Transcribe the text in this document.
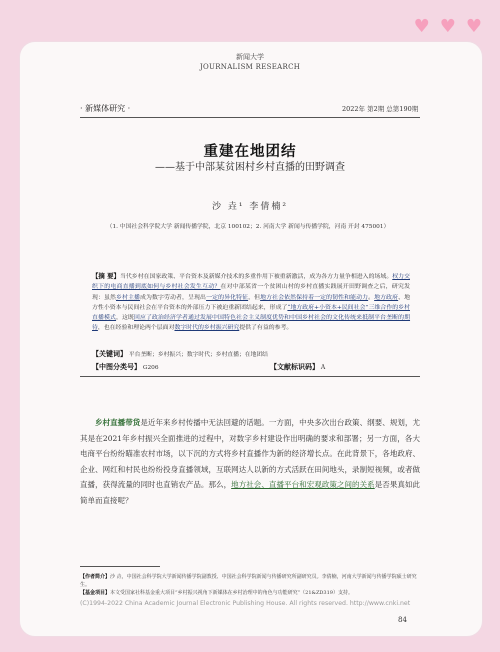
♥ ♥ ♥
新闻大学
JOURNALISM RESEARCH
· 新媒体研究 ·	2022年 第2期 总第190期
重建在地团结
——基于中部某贫困村乡村直播的田野调查
沙 垚¹ 李倩楠²
（1. 中国社会科学院大学 新闻传播学院，北京 100102；2. 河南大学 新闻与传播学院，河南 开封 475001）
【摘 要】当代乡村在国家政策、平台资本及新媒介技术的多重作用下被重新激活，成为各方力量争相进入的场域。权力交织下的电商直播到底如何与乡村社会发生互动？在对中部某省一个贫困山村的乡村直播实践展开田野调查之后，研究发现：虽然乡村主播成为数字劳动者，呈现出一定的异化特征，但地方社会依然保持着一定的韧性和能动力。地方政府、地方性小资本与民间社会在平台资本的外部压力下被迫重新团结起来，形成了“地方政府+小资本+民间社会”三维合作的乡村直播模式，这既回应了政治经济学者通过发展中国特色社会主义制度优势和中国乡村社会的文化传统来抵制平台垄断的期待，也在经验和理论两个层面对数字时代的乡村振兴研究提供了有益的参考。
【关键词】 平台垄断；乡村振兴；数字时代；乡村直播；在地团结
【中图分类号】 G206	【文献标识码】 A
乡村直播带货是近年来乡村传播中无法回避的话题。一方面，中央多次出台政策、纲要、规划，尤其是在2021年乡村振兴全面推进的过程中，对数字乡村建设作出明确的要求和部署；另一方面，各大电商平台纷纷瞄准农村市场，以下沉的方式将乡村直播作为新的经济增长点。在此背景下，各地政府、企业、网红和村民也纷纷投身直播领域，互联网达人以新的方式活跃在田间地头，录制短视频，或者做直播，获得流量的同时也直销农产品。那么，地方社会、直播平台和宏观政策之间的关系是否果真如此简单而直接呢？
【作者简介】沙 垚，中国社会科学院大学新闻传播学院副教授、中国社会科学院新闻与传播研究所副研究员。李倩楠，河南大学新闻与传播学院硕士研究生。
【基金项目】本文受国家社科基金重大项目“乡村振兴视角下新媒体在乡村治理中的角色与功能研究”（21&ZD319）支持。
(C)1994-2022 China Academic Journal Electronic Publishing House. All rights reserved. http://www.cnki.net
84
